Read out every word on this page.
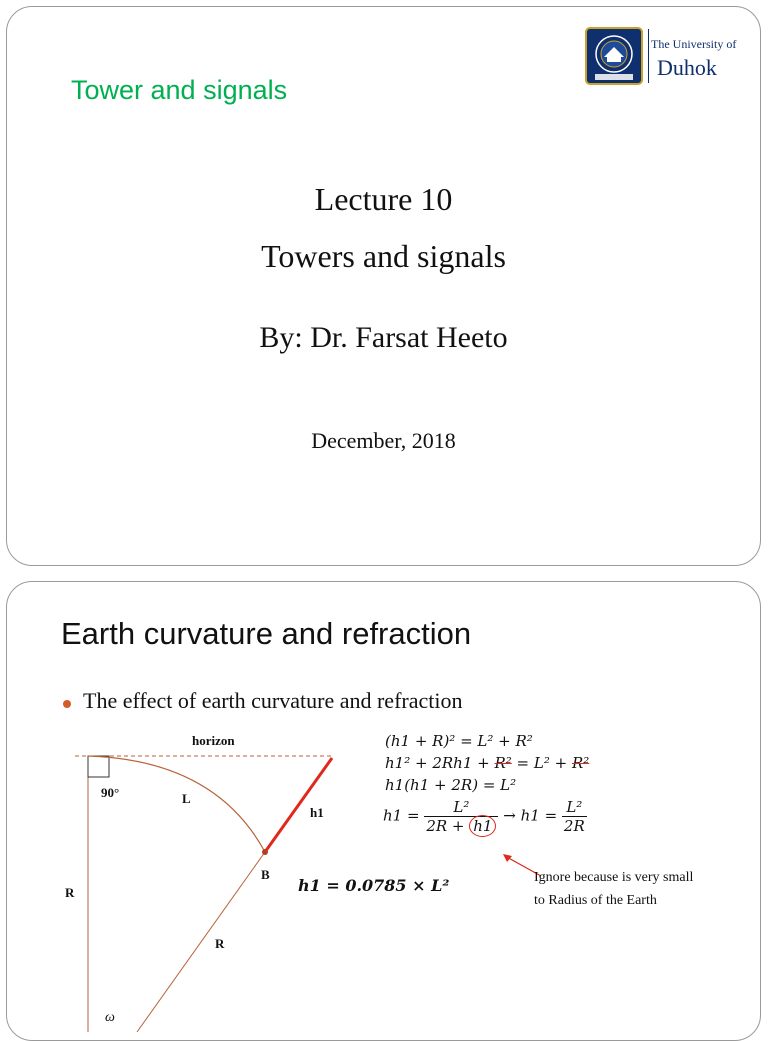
Tower and signals
The University of
Duhok
Lecture 10
Towers and signals
By: Dr. Farsat Heeto
December, 2018
Earth curvature and refraction
The effect of earth curvature and refraction
horizon
90°	L
h1
B
R
R
ω
(h1 + R)² = L² + R²
h1² + 2Rh1 + R² = L² + R²
h1(h1 + 2R) = L²
$h1 = \frac{\text{L²}}{2R + h1} \to h1 = \frac{\text{L²}}{2R}$
h1 = 0.0785 × L²	Ignore because is very small
to Radius of the Earth
